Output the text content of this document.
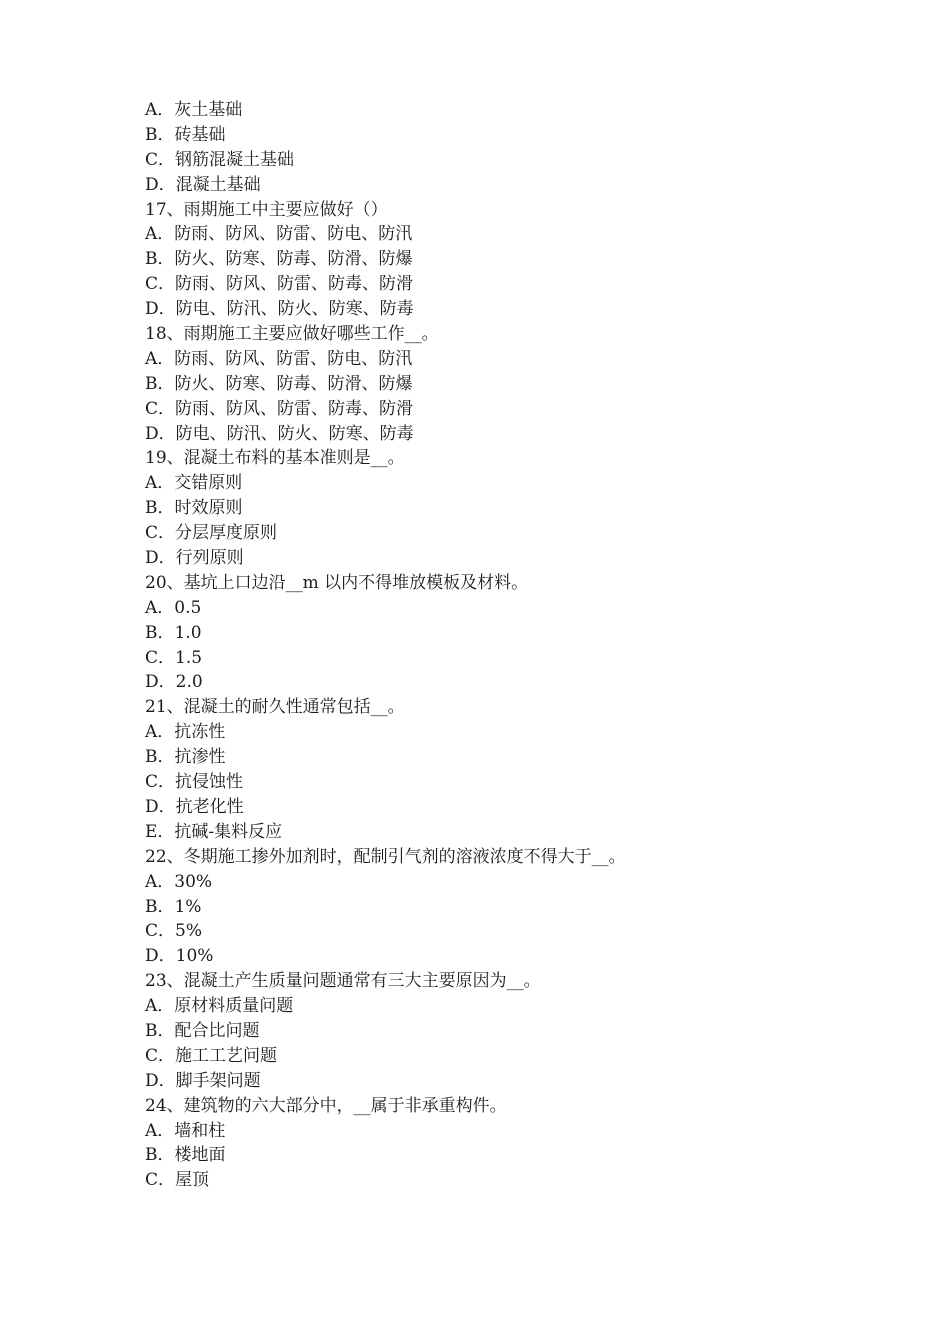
A．灰土基础
B．砖基础
C．钢筋混凝土基础
D．混凝土基础
17、雨期施工中主要应做好（）
A．防雨、防风、防雷、防电、防汛
B．防火、防寒、防毒、防滑、防爆
C．防雨、防风、防雷、防毒、防滑
D．防电、防汛、防火、防寒、防毒
18、雨期施工主要应做好哪些工作__。
A．防雨、防风、防雷、防电、防汛
B．防火、防寒、防毒、防滑、防爆
C．防雨、防风、防雷、防毒、防滑
D．防电、防汛、防火、防寒、防毒
19、混凝土布料的基本准则是__。
A．交错原则
B．时效原则
C．分层厚度原则
D．行列原则
20、基坑上口边沿__m 以内不得堆放模板及材料。
A．0.5
B．1.0
C．1.5
D．2.0
21、混凝土的耐久性通常包括__。
A．抗冻性
B．抗渗性
C．抗侵蚀性
D．抗老化性
E．抗碱-集料反应
22、冬期施工掺外加剂时，配制引气剂的溶液浓度不得大于__。
A．30%
B．1%
C．5%
D．10%
23、混凝土产生质量问题通常有三大主要原因为__。
A．原材料质量问题
B．配合比问题
C．施工工艺问题
D．脚手架问题
24、建筑物的六大部分中，__属于非承重构件。
A．墙和柱
B．楼地面
C．屋顶
